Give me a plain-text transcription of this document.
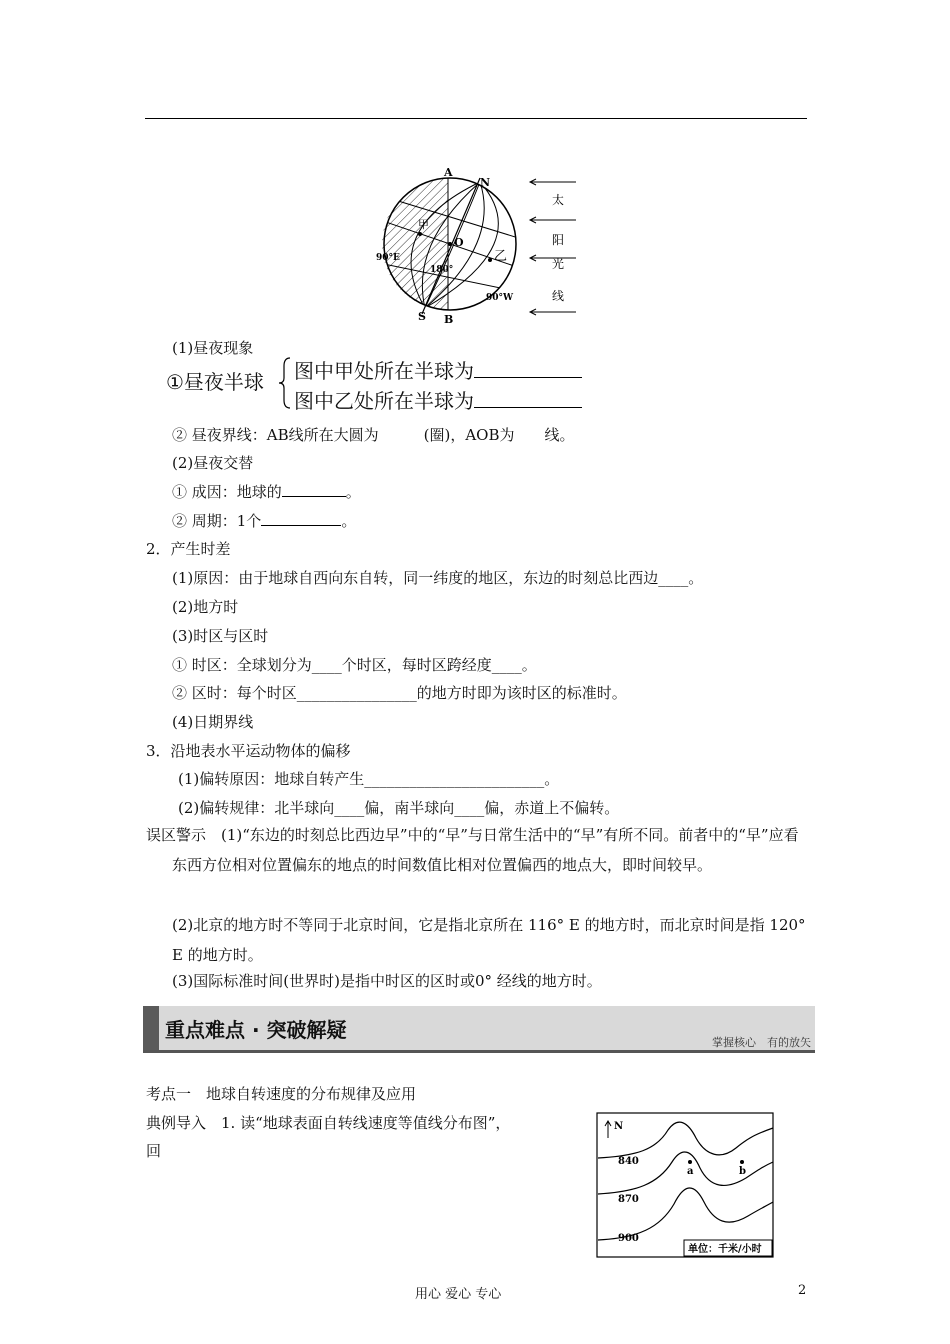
A
N
S B
O
甲
乙
90°E
90°W
180°
太
阳
光
线
(1)昼夜现象
①昼夜半球 图中甲处所在半球为
图中乙处所在半球为
② 昼夜界线：AB线所在大圆为　　　(圈)，AOB为　　线。
(2)昼夜交替
① 成因：地球的	。
② 周期：1个	。
2．产生时差
(1)原因：由于地球自西向东自转，同一纬度的地区，东边的时刻总比西边____。
(2)地方时
(3)时区与区时
① 时区：全球划分为____个时区，每时区跨经度____。
② 区时：每个时区________________的地方时即为该时区的标准时。
(4)日期界线
3．沿地表水平运动物体的偏移
(1)偏转原因：地球自转产生________________________。
(2)偏转规律：北半球向____偏，南半球向____偏，赤道上不偏转。
误区警示　(1)“东边的时刻总比西边早”中的“早”与日常生活中的“早”有所不同。前者中的“早”应看东西方位相对位置偏东的地点的时间数值比相对位置偏西的地点大，即时间较早。
(2)北京的地方时不等同于北京时间，它是指北京所在 116° E 的地方时，而北京时间是指 120° E 的地方时。
(3)国际标准时间(世界时)是指中时区的区时或0° 经线的地方时。
重点难点 · 突破解疑
掌握核心　有的放矢
考点一　地球自转速度的分布规律及应用
典例导入　1. 读“地球表面自转线速度等值线分布图”，
回
N
840
870
900
a	b
单位：千米/小时
用心 爱心 专心	2
